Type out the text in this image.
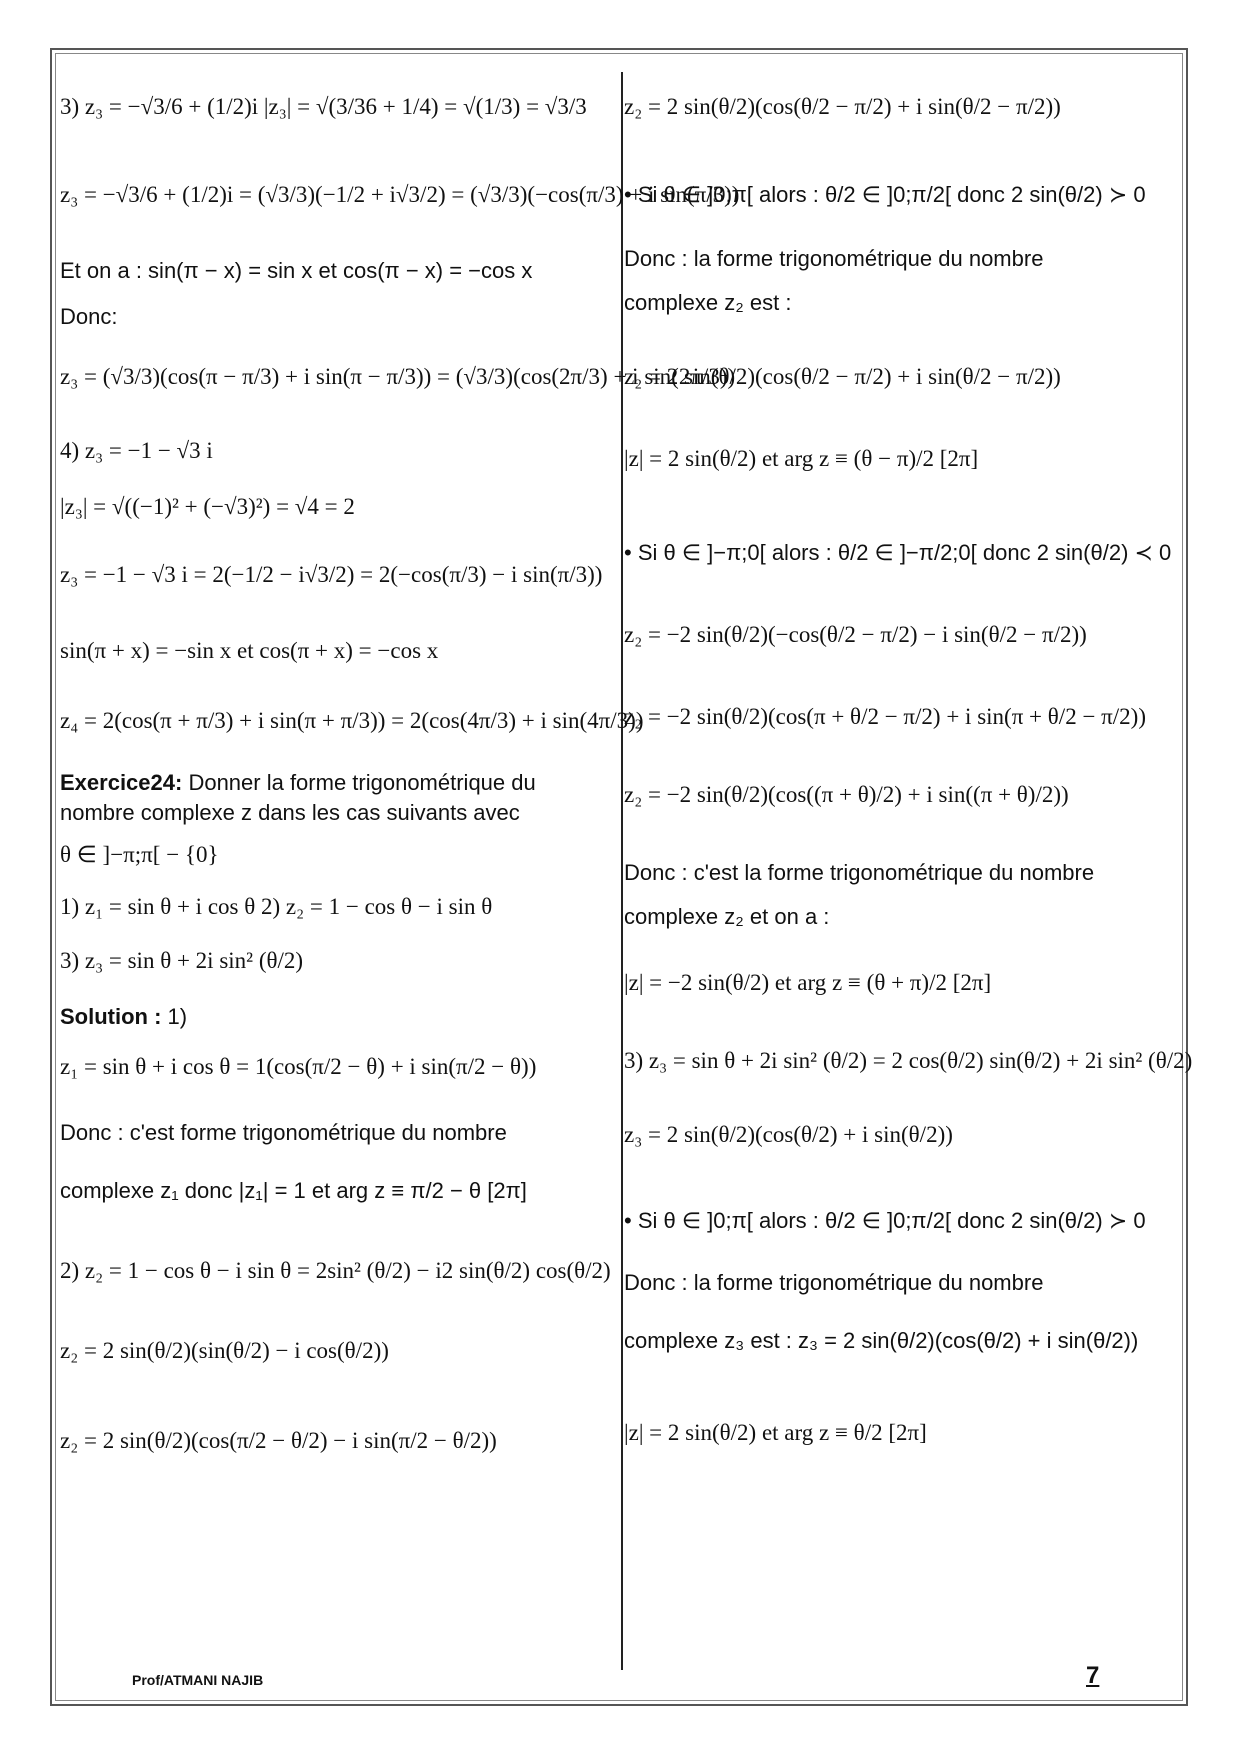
3) z₃ = −√3/6 + (1/2)i |z₃| = √(3/36 + 1/4) = √(1/3) = √3/3
z₃ = −√3/6 + (1/2)i = (√3/3)(−1/2 + i√3/2) = (√3/3)(−cos(π/3) + i sin(π/3))
Et on a : sin(π − x) = sin x et cos(π − x) = −cos x
Donc:
z₃ = (√3/3)(cos(π − π/3) + i sin(π − π/3)) = (√3/3)(cos(2π/3) + i sin(2π/3))
4) z₃ = −1 − √3 i
|z₃| = √((−1)² + (−√3)²) = √4 = 2
z₃ = −1 − √3 i = 2(−1/2 − i√3/2) = 2(−cos(π/3) − i sin(π/3))
sin(π + x) = −sin x et cos(π + x) = −cos x
z₄ = 2(cos(π + π/3) + i sin(π + π/3)) = 2(cos(4π/3) + i sin(4π/3))
Exercice24: Donner la forme trigonométrique du
nombre complexe z dans les cas suivants avec
θ ∈ ]−π;π[ − {0}
1) z₁ = sin θ + i cos θ 2) z₂ = 1 − cos θ − i sin θ
3) z₃ = sin θ + 2i sin² (θ/2)
Solution : 1)
z₁ = sin θ + i cos θ = 1(cos(π/2 − θ) + i sin(π/2 − θ))
Donc : c'est forme trigonométrique du nombre
complexe z₁ donc |z₁| = 1 et arg z ≡ π/2 − θ [2π]
2) z₂ = 1 − cos θ − i sin θ = 2sin² (θ/2) − i2 sin(θ/2) cos(θ/2)
z₂ = 2 sin(θ/2)(sin(θ/2) − i cos(θ/2))
z₂ = 2 sin(θ/2)(cos(π/2 − θ/2) − i sin(π/2 − θ/2))
z₂ = 2 sin(θ/2)(cos(θ/2 − π/2) + i sin(θ/2 − π/2))
• Si θ ∈ ]0;π[ alors : θ/2 ∈ ]0;π/2[ donc 2 sin(θ/2) ≻ 0
Donc : la forme trigonométrique du nombre
complexe z₂ est :
z₂ = 2 sin(θ/2)(cos(θ/2 − π/2) + i sin(θ/2 − π/2))
|z| = 2 sin(θ/2) et arg z ≡ (θ − π)/2 [2π]
• Si θ ∈ ]−π;0[ alors : θ/2 ∈ ]−π/2;0[ donc 2 sin(θ/2) ≺ 0
z₂ = −2 sin(θ/2)(−cos(θ/2 − π/2) − i sin(θ/2 − π/2))
z₂ = −2 sin(θ/2)(cos(π + θ/2 − π/2) + i sin(π + θ/2 − π/2))
z₂ = −2 sin(θ/2)(cos((π + θ)/2) + i sin((π + θ)/2))
Donc : c'est la forme trigonométrique du nombre
complexe z₂ et on a :
|z| = −2 sin(θ/2) et arg z ≡ (θ + π)/2 [2π]
3) z₃ = sin θ + 2i sin² (θ/2) = 2 cos(θ/2) sin(θ/2) + 2i sin² (θ/2)
z₃ = 2 sin(θ/2)(cos(θ/2) + i sin(θ/2))
• Si θ ∈ ]0;π[ alors : θ/2 ∈ ]0;π/2[ donc 2 sin(θ/2) ≻ 0
Donc : la forme trigonométrique du nombre
complexe z₃ est : z₃ = 2 sin(θ/2)(cos(θ/2) + i sin(θ/2))
|z| = 2 sin(θ/2) et arg z ≡ θ/2 [2π]
Prof/ATMANI NAJIB	7
